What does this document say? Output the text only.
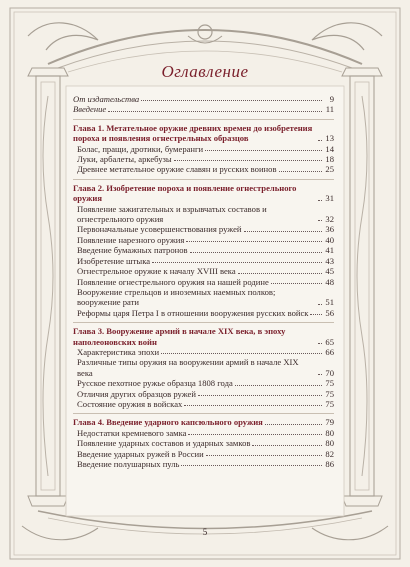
Оглавление
От издательства	9
Введение	11
Глава 1. Метательное оружие древних времен до изобретения пороха и появления огнестрельных образцов	13
Болас, пращи, дротики, бумеранги	14
Луки, арбалеты, аркебузы	18
Древнее метательное оружие славян и русских воинов	25
Глава 2. Изобретение пороха и появление огнестрельного оружия	31
Появление зажигательных и взрывчатых составов и огнестрельного оружия	32
Первоначальные усовершенствования ружей	36
Появление нарезного оружия	40
Введение бумажных патронов	41
Изобретение штыка	43
Огнестрельное оружие к началу XVIII века	45
Появление огнестрельного оружия на нашей родине	48
Вооружение стрельцов и иноземных наемных полков; вооружение рати	51
Реформы царя Петра I в отношении вооружения русских войск 56
Глава 3. Вооружение армий в начале XIX века, в эпоху наполеоновских войн	65
Характеристика эпохи	66
Различные типы оружия на вооружении армий в начале XIX века	70
Русское пехотное ружье образца 1808 года	75
Отличия других образцов ружей	75
Состояние оружия в войсках	75
Глава 4. Введение ударного капсюльного оружия	79
Недостатки кремневого замка	80
Появление ударных составов и ударных замков	80
Введение ударных ружей в России	82
Введение полушарных пуль	86
5
